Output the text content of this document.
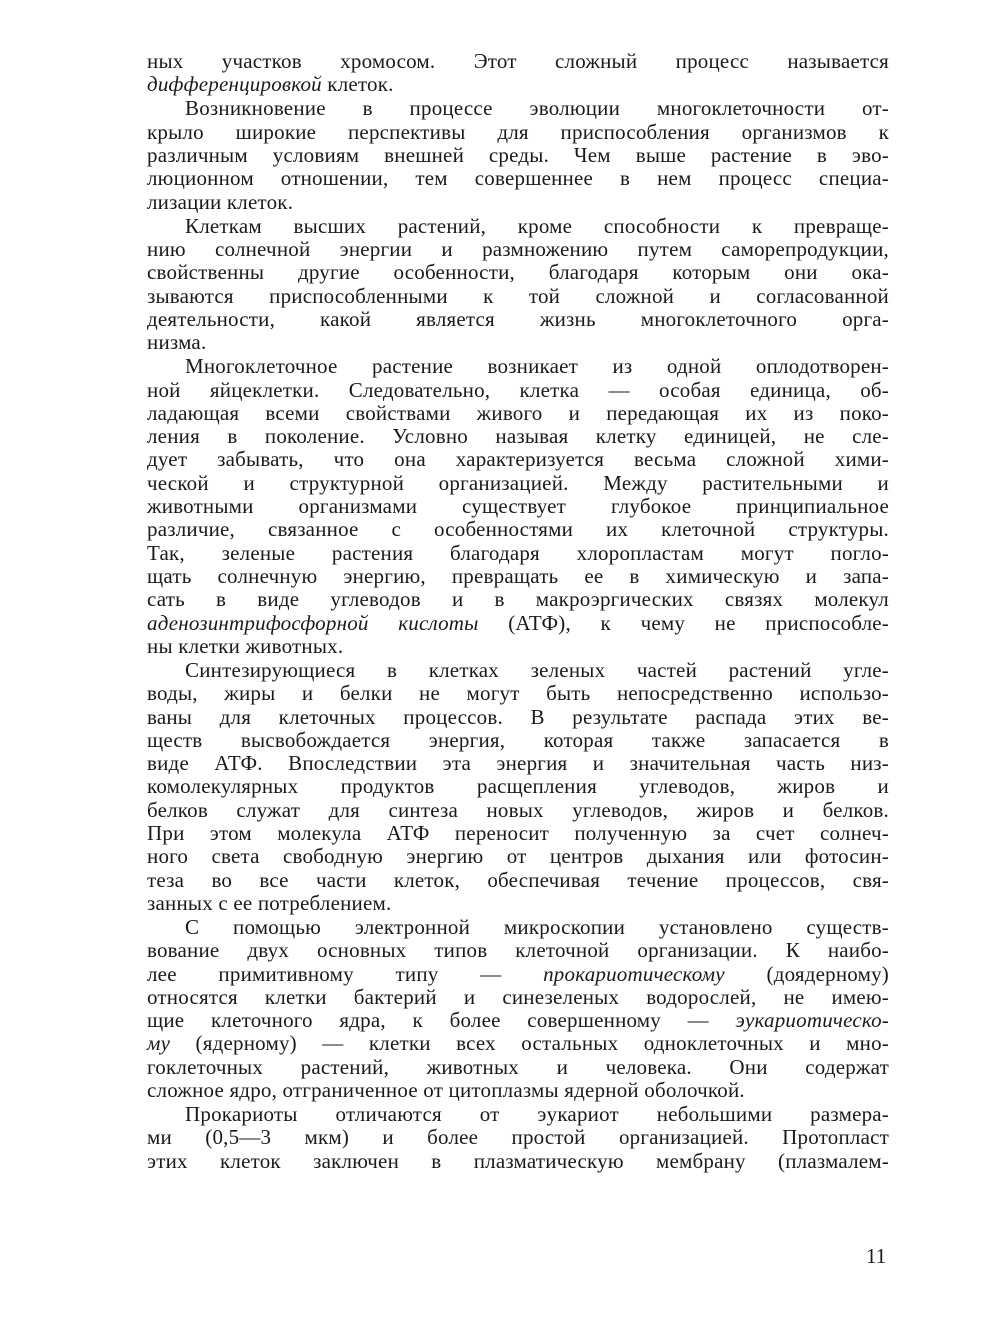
ных участков хромосом. Этот сложный процесс называется
дифференцировкой клеток.
Возникновение в процессе эволюции многоклеточности от-
крыло широкие перспективы для приспособления организмов к
различным условиям внешней среды. Чем выше растение в эво-
люционном отношении, тем совершеннее в нем процесс специа-
лизации клеток.
Клеткам высших растений, кроме способности к превраще-
нию солнечной энергии и размножению путем саморепродукции,
свойственны другие особенности, благодаря которым они ока-
зываются приспособленными к той сложной и согласованной
деятельности, какой является жизнь многоклеточного орга-
низма.
Многоклеточное растение возникает из одной оплодотворен-
ной яйцеклетки. Следовательно, клетка — особая единица, об-
ладающая всеми свойствами живого и передающая их из поко-
ления в поколение. Условно называя клетку единицей, не сле-
дует забывать, что она характеризуется весьма сложной хими-
ческой и структурной организацией. Между растительными и
животными организмами существует глубокое принципиальное
различие, связанное с особенностями их клеточной структуры.
Так, зеленые растения благодаря хлоропластам могут погло-
щать солнечную энергию, превращать ее в химическую и запа-
сать в виде углеводов и в макроэргических связях молекул
аденозинтрифосфорной кислоты (АТФ), к чему не приспособле-
ны клетки животных.
Синтезирующиеся в клетках зеленых частей растений угле-
воды, жиры и белки не могут быть непосредственно использо-
ваны для клеточных процессов. В результате распада этих ве-
ществ высвобождается энергия, которая также запасается в
виде АТФ. Впоследствии эта энергия и значительная часть низ-
комолекулярных продуктов расщепления углеводов, жиров и
белков служат для синтеза новых углеводов, жиров и белков.
При этом молекула АТФ переносит полученную за счет солнеч-
ного света свободную энергию от центров дыхания или фотосин-
теза во все части клеток, обеспечивая течение процессов, свя-
занных с ее потреблением.
С помощью электронной микроскопии установлено существ-
вование двух основных типов клеточной организации. К наибо-
лее примитивному типу — прокариотическому (доядерному)
относятся клетки бактерий и синезеленых водорослей, не имею-
щие клеточного ядра, к более совершенному — эукариотическо-
му (ядерному) — клетки всех остальных одноклеточных и мно-
гоклеточных растений, животных и человека. Они содержат
сложное ядро, отграниченное от цитоплазмы ядерной оболочкой.
Прокариоты отличаются от эукариот небольшими размера-
ми (0,5—3 мкм) и более простой организацией. Протопласт
этих клеток заключен в плазматическую мембрану (плазмалем-
11
